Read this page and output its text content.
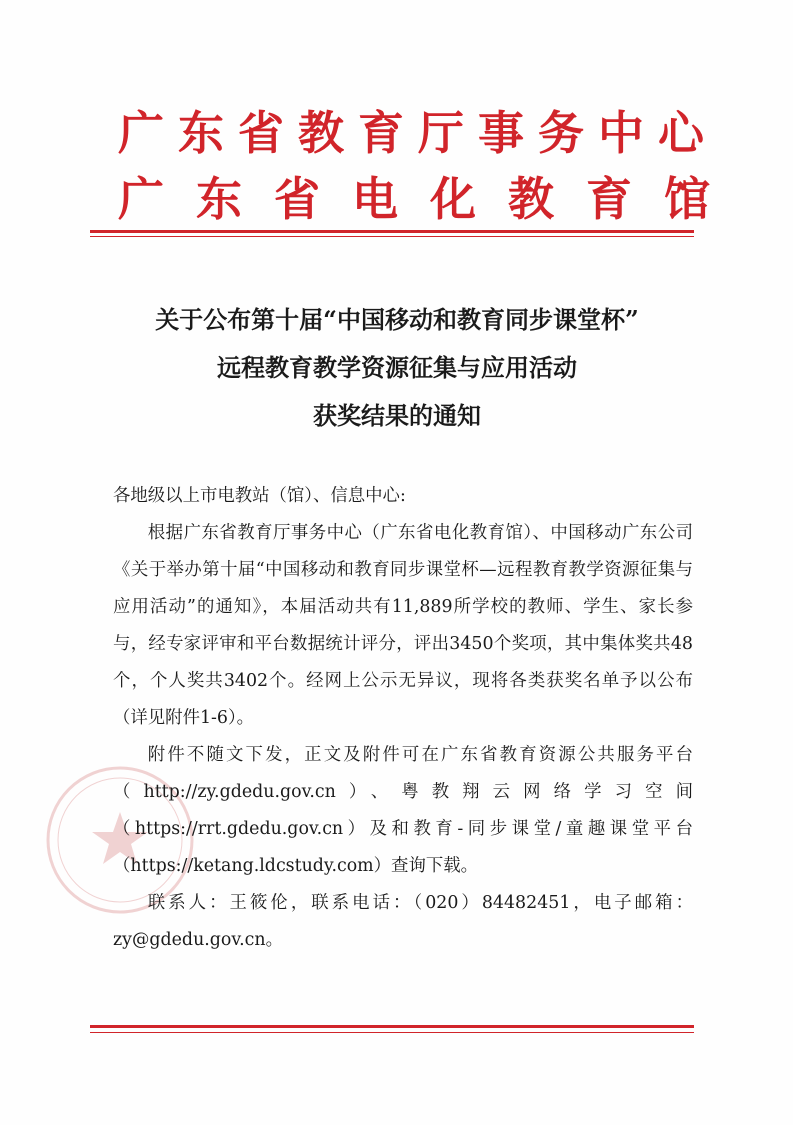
广东省教育厅事务中心
广东省电化教育馆
关于公布第十届“中国移动和教育同步课堂杯”
远程教育教学资源征集与应用活动
获奖结果的通知

各地级以上市电教站（馆）、信息中心:

根据广东省教育厅事务中心（广东省电化教育馆）、中国移动广东公司《关于举办第十届“中国移动和教育同步课堂杯—远程教育教学资源征集与应用活动”的通知》，本届活动共有11,889所学校的教师、学生、家长参与，经专家评审和平台数据统计评分，评出3450个奖项，其中集体奖共48个，个人奖共3402个。经网上公示无异议，现将各类获奖名单予以公布（详见附件1-6）。

附件不随文下发，正文及附件可在广东省教育资源公共服务平台（http://zy.gdedu.gov.cn）、粤教翔云网络学习空间（https://rrt.gdedu.gov.cn）及和教育-同步课堂/童趣课堂平台（https://ketang.ldcstudy.com）查询下载。

联系人：王筱伦，联系电话：（020）84482451，电子邮箱：zy@gdedu.gov.cn。
